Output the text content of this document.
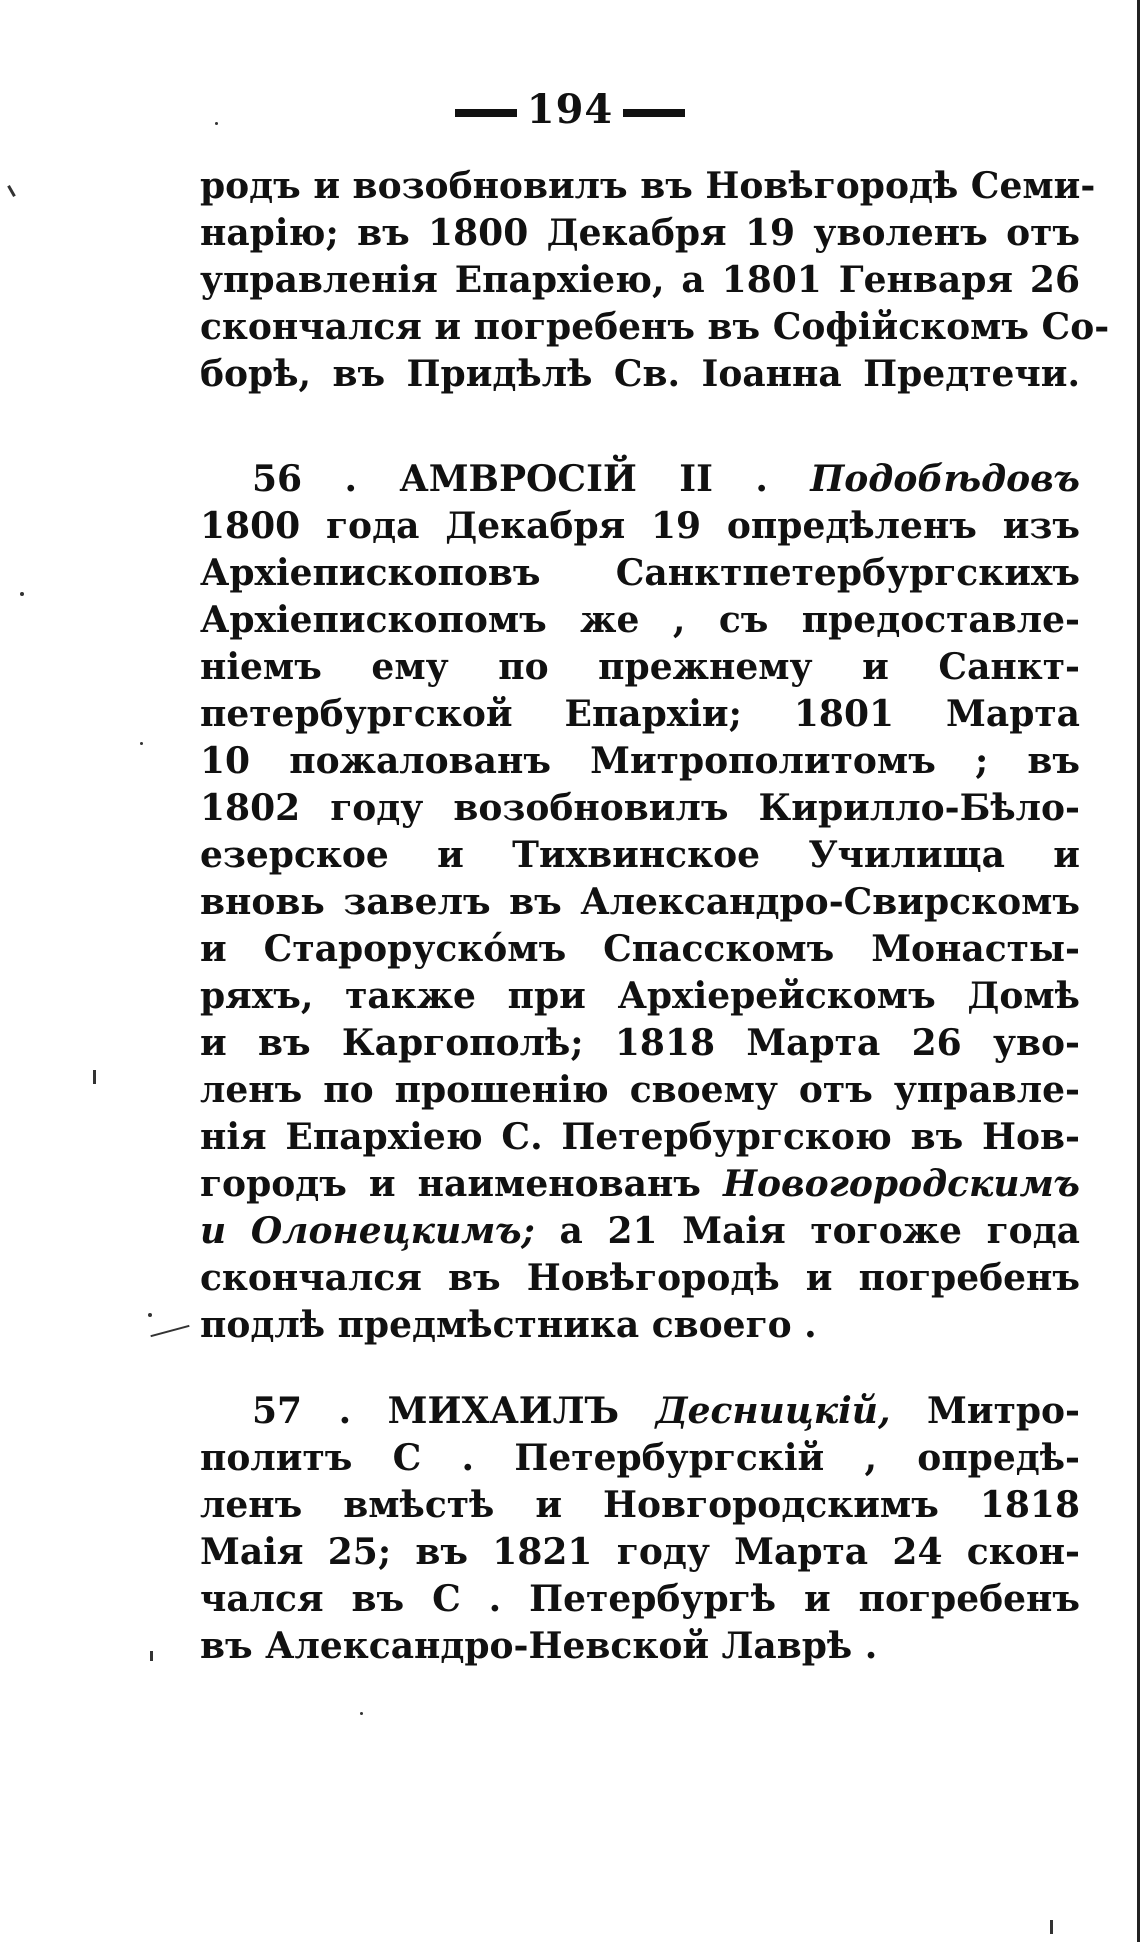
194
родъ и возобновилъ въ Новѣгородѣ Семи-
нарію; въ 1800 Декабря 19 уволенъ отъ
управленія Епархіею, а 1801 Генваря 26
скончался и погребенъ въ Софійскомъ Со-
борѣ, въ Придѣлѣ Св. Іоанна Предтечи.
56 . АМВРОСІЙ II . Подобѣдовъ
1800 года Декабря 19 опредѣленъ изъ
Архіепископовъ Санктпетербургскихъ
Архіепископомъ же , съ предоставле-
ніемъ ему по прежнему и Санкт-
петербургской Епархіи; 1801 Марта
10 пожалованъ Митрополитомъ ; въ
1802 году возобновилъ Кирилло-Бѣло-
езерское и Тихвинское Училища и
вновь завелъ въ Александро-Свирскомъ
и Староруско́мъ Спасскомъ Монасты-
ряхъ, также при Архіерейскомъ Домѣ
и въ Каргополѣ; 1818 Марта 26 уво-
ленъ по прошенію своему отъ управле-
нія Епархіею С. Петербургскою въ Нов-
городъ и наименованъ Новогородскимъ
и Олонецкимъ; а 21 Маія тогоже года
скончался въ Новѣгородѣ и погребенъ
подлѣ предмѣстника своего .
57 . МИХАИЛЪ Десницкій, Митро-
политъ С . Петербургскій , опредѣ-
ленъ вмѣстѣ и Новгородскимъ 1818
Маія 25; въ 1821 году Марта 24 скон-
чался въ С . Петербургѣ и погребенъ
въ Александро-Невской Лаврѣ .
